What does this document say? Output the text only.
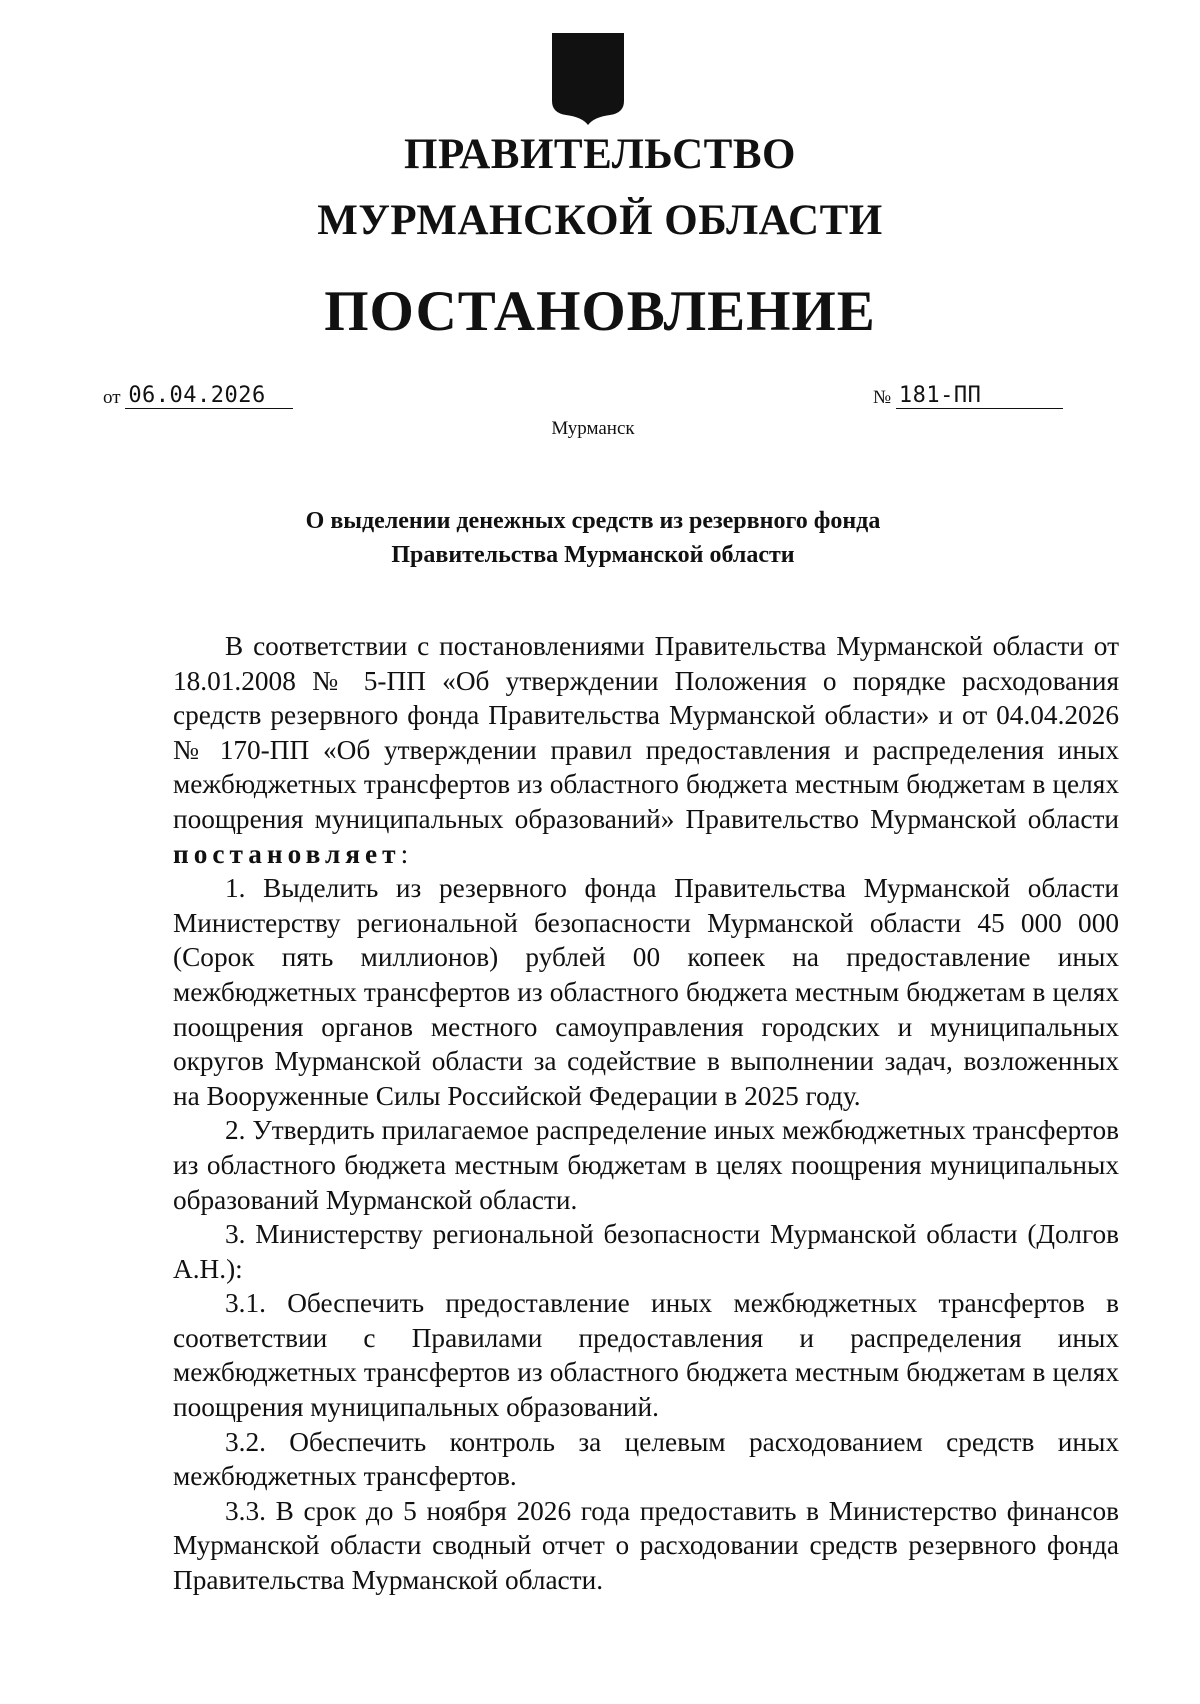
ПРАВИТЕЛЬСТВО
МУРМАНСКОЙ ОБЛАСТИ
ПОСТАНОВЛЕНИЕ
от 06.04.2026	№ 181-ПП
Мурманск
О выделении денежных средств из резервного фонда
Правительства Мурманской области

В соответствии с постановлениями Правительства Мурманской области от 18.01.2008 № 5-ПП «Об утверждении Положения о порядке расходования средств резервного фонда Правительства Мурманской области» и от 04.04.2026 № 170-ПП «Об утверждении правил предоставления и распределения иных межбюджетных трансфертов из областного бюджета местным бюджетам в целях поощрения муниципальных образований» Правительство Мурманской области постановляет:

1. Выделить из резервного фонда Правительства Мурманской области Министерству региональной безопасности Мурманской области 45 000 000 (Сорок пять миллионов) рублей 00 копеек на предоставление иных межбюджетных трансфертов из областного бюджета местным бюджетам в целях поощрения органов местного самоуправления городских и муниципальных округов Мурманской области за содействие в выполнении задач, возложенных на Вооруженные Силы Российской Федерации в 2025 году.

2. Утвердить прилагаемое распределение иных межбюджетных трансфертов из областного бюджета местным бюджетам в целях поощрения муниципальных образований Мурманской области.

3. Министерству региональной безопасности Мурманской области (Долгов А.Н.):

3.1. Обеспечить предоставление иных межбюджетных трансфертов в соответствии с Правилами предоставления и распределения иных межбюджетных трансфертов из областного бюджета местным бюджетам в целях поощрения муниципальных образований.

3.2. Обеспечить контроль за целевым расходованием средств иных межбюджетных трансфертов.

3.3. В срок до 5 ноября 2026 года предоставить в Министерство финансов Мурманской области сводный отчет о расходовании средств резервного фонда Правительства Мурманской области.
